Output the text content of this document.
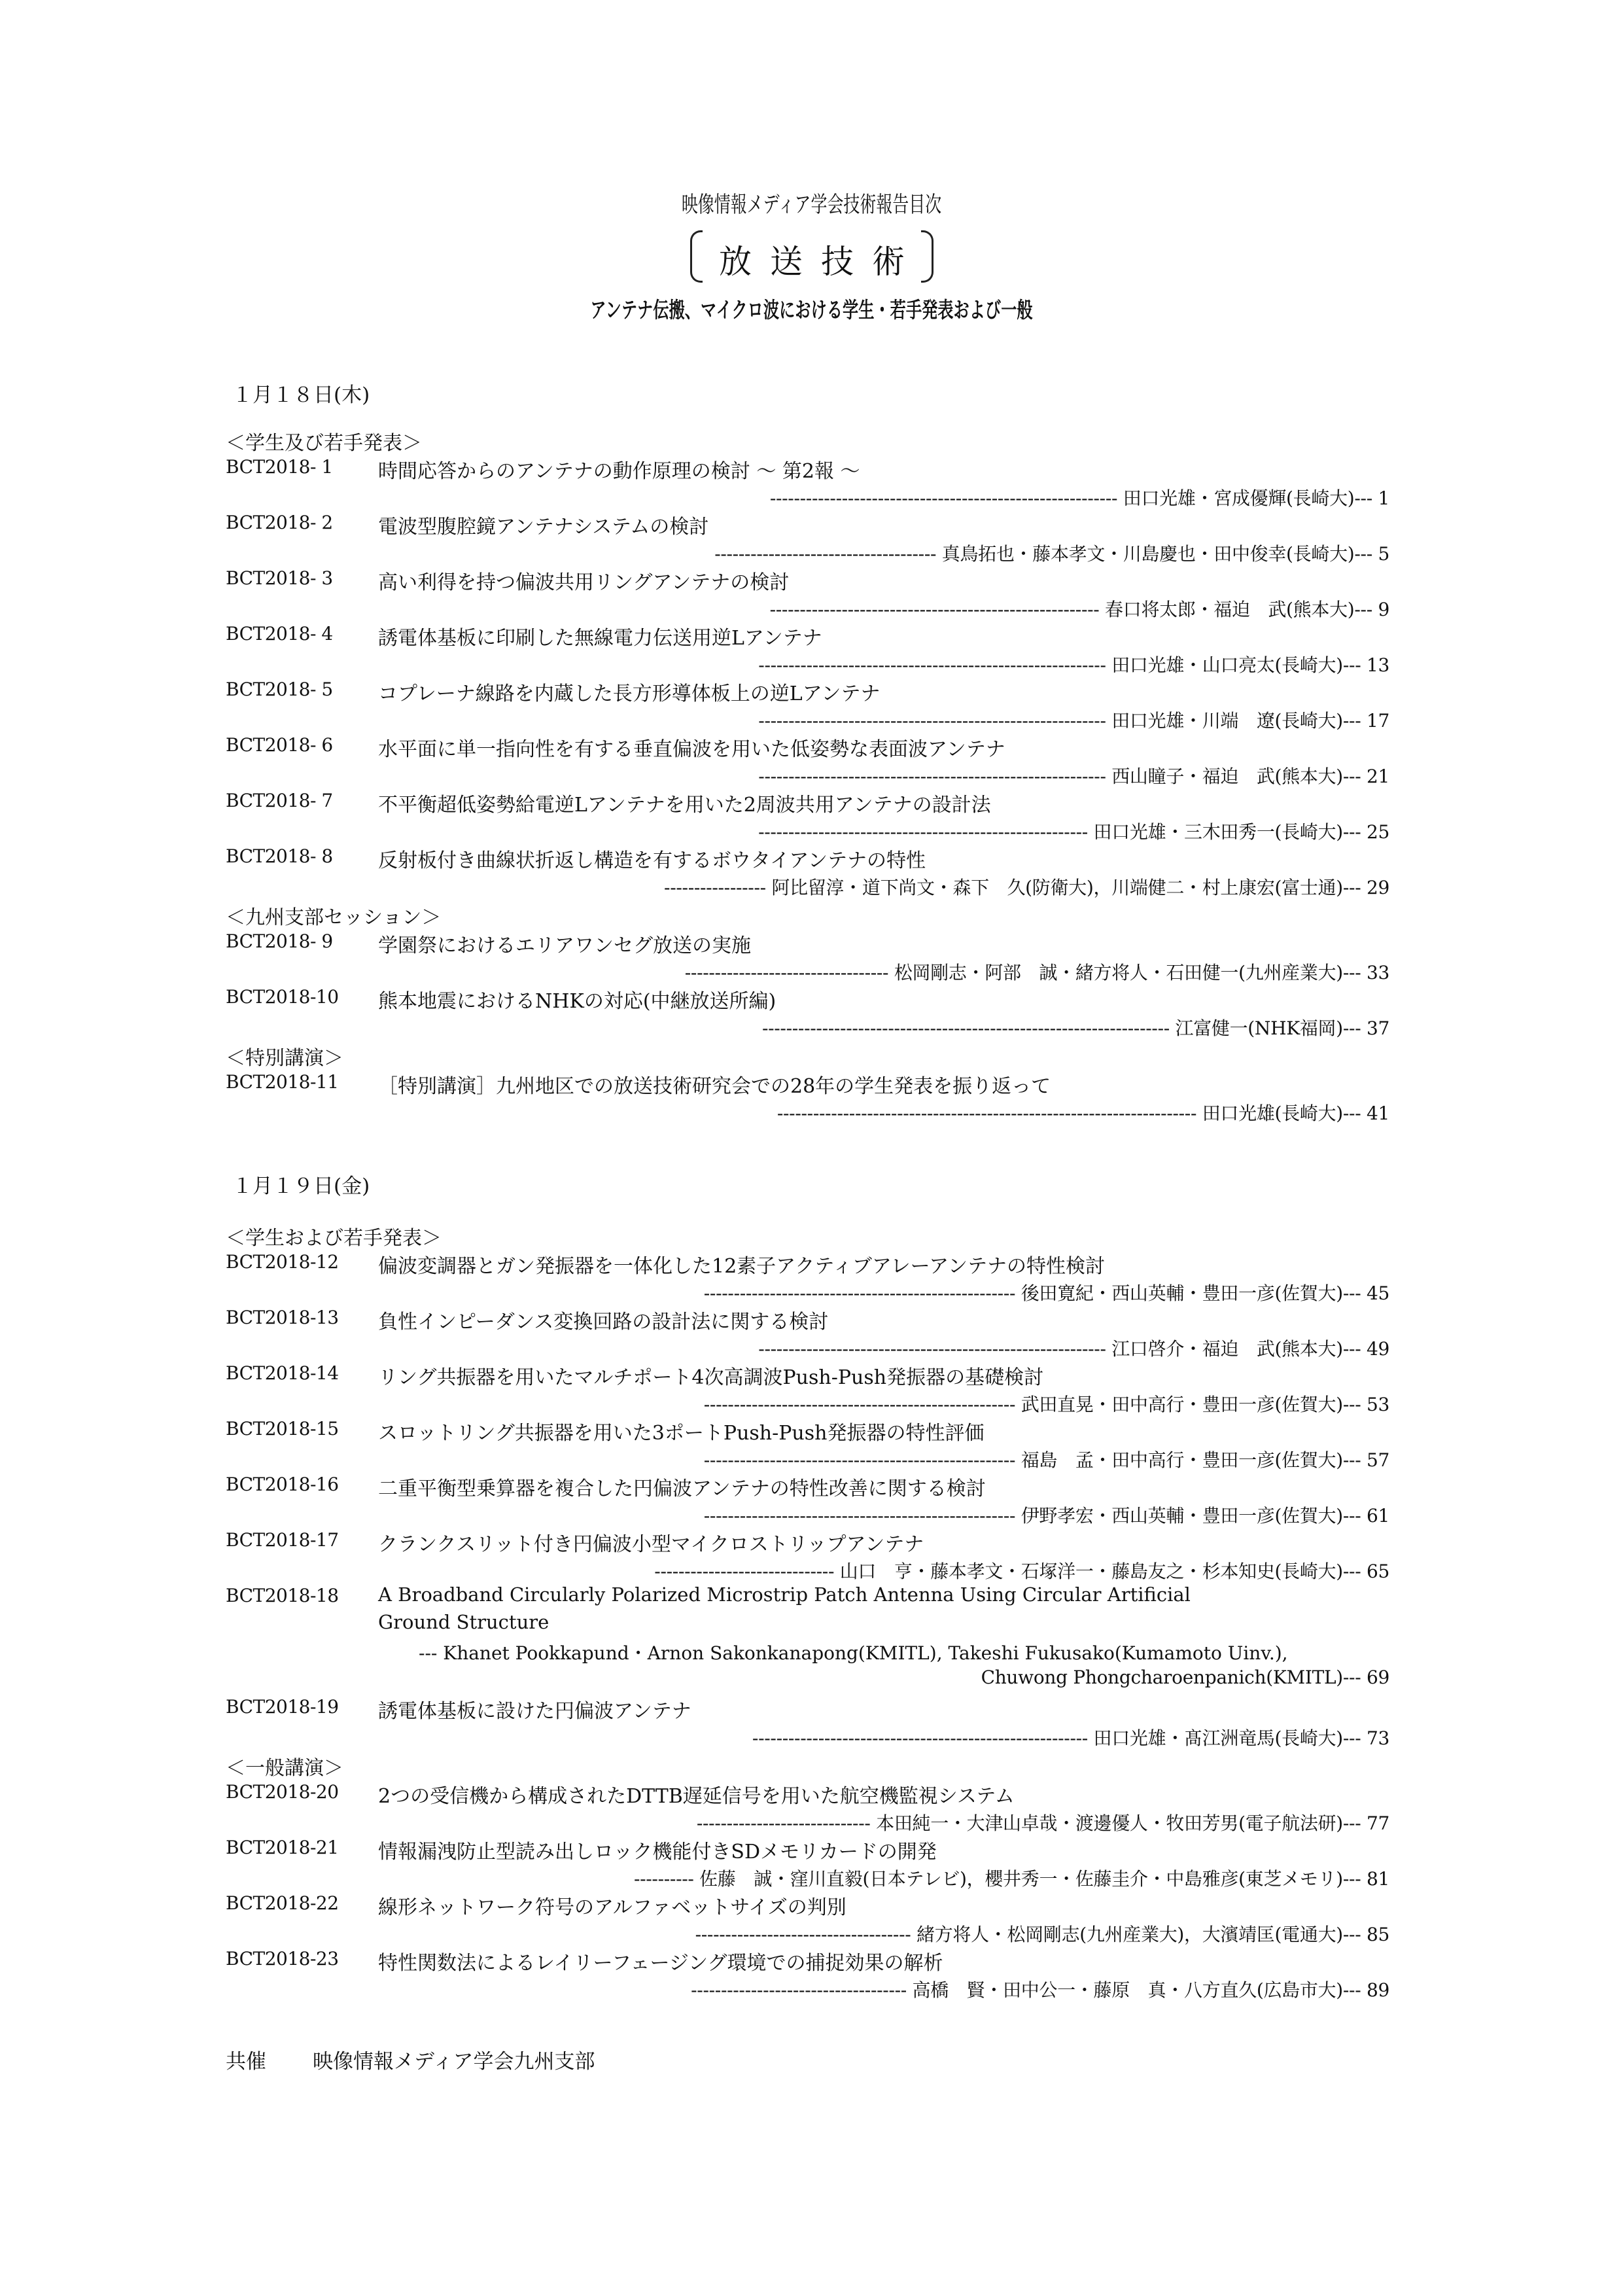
映像情報メディア学会技術報告目次
放送技術
アンテナ伝搬、マイクロ波における学生・若手発表および一般
１月１８日(木)
＜学生及び若手発表＞
BCT2018- 1 時間応答からのアンテナの動作原理の検討 ～ 第2報 ～
---------------------------------------------------------- 田口光雄・宮成優輝(長崎大)--- 1
BCT2018- 2 電波型腹腔鏡アンテナシステムの検討
------------------------------------- 真鳥拓也・藤本孝文・川島慶也・田中俊幸(長崎大)--- 5
BCT2018- 3 高い利得を持つ偏波共用リングアンテナの検討
------------------------------------------------------- 春口将太郎・福迫　武(熊本大)--- 9
BCT2018- 4 誘電体基板に印刷した無線電力伝送用逆Lアンテナ
---------------------------------------------------------- 田口光雄・山口亮太(長崎大)--- 13
BCT2018- 5 コプレーナ線路を内蔵した長方形導体板上の逆Lアンテナ
---------------------------------------------------------- 田口光雄・川端　遼(長崎大)--- 17
BCT2018- 6 水平面に単一指向性を有する垂直偏波を用いた低姿勢な表面波アンテナ
---------------------------------------------------------- 西山瞳子・福迫　武(熊本大)--- 21
BCT2018- 7 不平衡超低姿勢給電逆Lアンテナを用いた2周波共用アンテナの設計法
------------------------------------------------------- 田口光雄・三木田秀一(長崎大)--- 25
BCT2018- 8 反射板付き曲線状折返し構造を有するボウタイアンテナの特性
----------------- 阿比留淳・道下尚文・森下　久(防衛大)，川端健二・村上康宏(富士通)--- 29
＜九州支部セッション＞
BCT2018- 9 学園祭におけるエリアワンセグ放送の実施
---------------------------------- 松岡剛志・阿部　誠・緒方将人・石田健一(九州産業大)--- 33
BCT2018-10 熊本地震におけるNHKの対応(中継放送所編)
-------------------------------------------------------------------- 江富健一(NHK福岡)--- 37
＜特別講演＞
BCT2018-11 ［特別講演］九州地区での放送技術研究会での28年の学生発表を振り返って
---------------------------------------------------------------------- 田口光雄(長崎大)--- 41
１月１９日(金)
＜学生および若手発表＞
BCT2018-12 偏波変調器とガン発振器を一体化した12素子アクティブアレーアンテナの特性検討
---------------------------------------------------- 後田寛紀・西山英輔・豊田一彦(佐賀大)--- 45
BCT2018-13 負性インピーダンス変換回路の設計法に関する検討
---------------------------------------------------------- 江口啓介・福迫　武(熊本大)--- 49
BCT2018-14 リング共振器を用いたマルチポート4次高調波Push-Push発振器の基礎検討
---------------------------------------------------- 武田直晃・田中高行・豊田一彦(佐賀大)--- 53
BCT2018-15 スロットリング共振器を用いた3ポートPush-Push発振器の特性評価
---------------------------------------------------- 福島　孟・田中高行・豊田一彦(佐賀大)--- 57
BCT2018-16 二重平衡型乗算器を複合した円偏波アンテナの特性改善に関する検討
---------------------------------------------------- 伊野孝宏・西山英輔・豊田一彦(佐賀大)--- 61
BCT2018-17 クランクスリット付き円偏波小型マイクロストリップアンテナ
------------------------------ 山口　亨・藤本孝文・石塚洋一・藤島友之・杉本知史(長崎大)--- 65
BCT2018-18 A Broadband Circularly Polarized Microstrip Patch Antenna Using Circular Artificial
Ground Structure
--- Khanet Pookkapund・Arnon Sakonkanapong(KMITL), Takeshi Fukusako(Kumamoto Uinv.),
Chuwong Phongcharoenpanich(KMITL)--- 69
BCT2018-19 誘電体基板に設けた円偏波アンテナ
-------------------------------------------------------- 田口光雄・髙江洲竜馬(長崎大)--- 73
＜一般講演＞
BCT2018-20 2つの受信機から構成されたDTTB遅延信号を用いた航空機監視システム
----------------------------- 本田純一・大津山卓哉・渡邊優人・牧田芳男(電子航法研)--- 77
BCT2018-21 情報漏洩防止型読み出しロック機能付きSDメモリカードの開発
---------- 佐藤　誠・窪川直毅(日本テレビ)，櫻井秀一・佐藤圭介・中島雅彦(東芝メモリ)--- 81
BCT2018-22 線形ネットワーク符号のアルファベットサイズの判別
------------------------------------ 緒方将人・松岡剛志(九州産業大)，大濱靖匡(電通大)--- 85
BCT2018-23 特性関数法によるレイリーフェージング環境での捕捉効果の解析
------------------------------------ 高橋　賢・田中公一・藤原　真・八方直久(広島市大)--- 89
共催 映像情報メディア学会九州支部
